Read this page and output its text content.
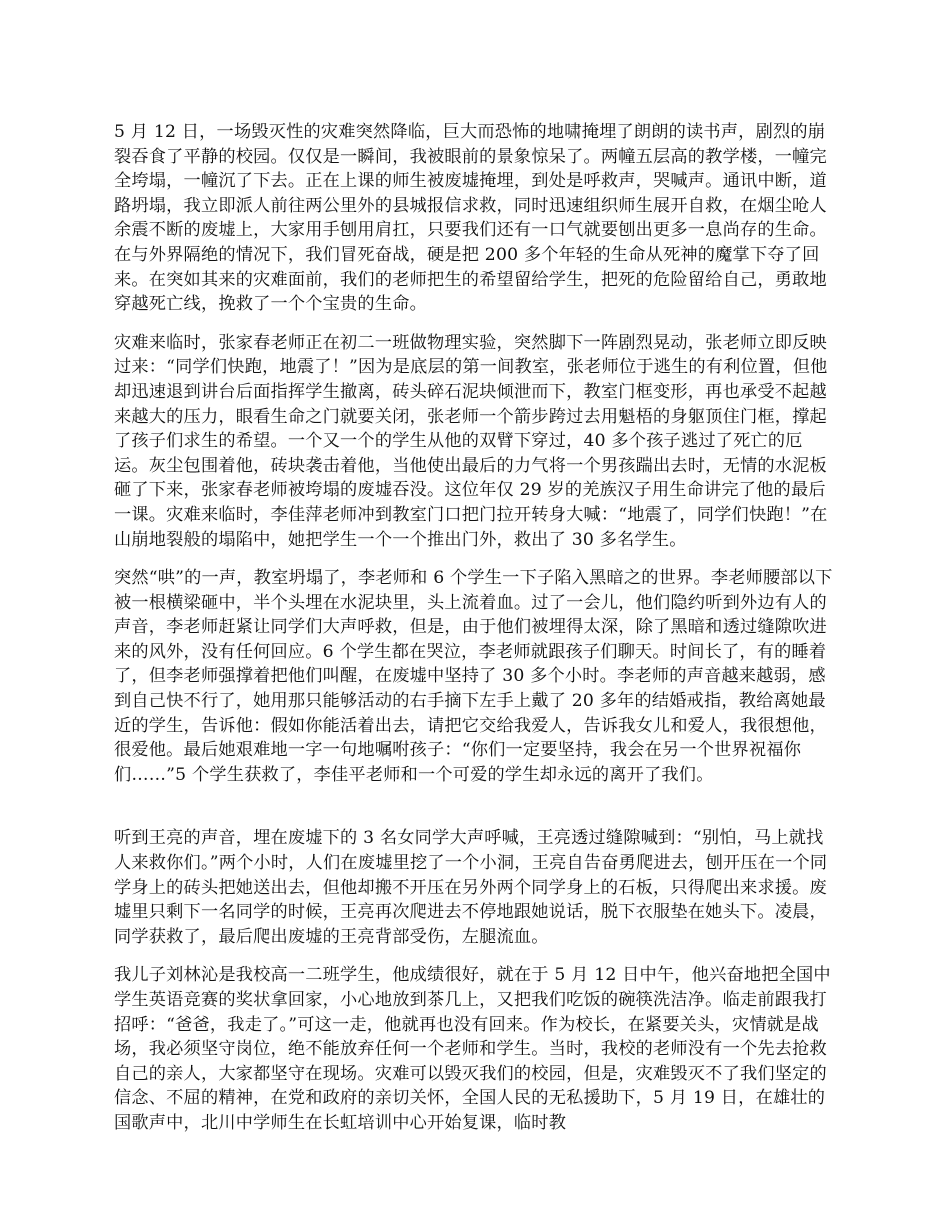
5 月 12 日，一场毁灭性的灾难突然降临，巨大而恐怖的地啸掩埋了朗朗的读书声，剧烈的崩裂吞食了平静的校园。仅仅是一瞬间，我被眼前的景象惊呆了。两幢五层高的教学楼，一幢完全垮塌，一幢沉了下去。正在上课的师生被废墟掩埋，到处是呼救声，哭喊声。通讯中断，道路坍塌，我立即派人前往两公里外的县城报信求救，同时迅速组织师生展开自救，在烟尘呛人余震不断的废墟上，大家用手刨用肩扛，只要我们还有一口气就要刨出更多一息尚存的生命。在与外界隔绝的情况下，我们冒死奋战，硬是把 200 多个年轻的生命从死神的魔掌下夺了回来。在突如其来的灾难面前，我们的老师把生的希望留给学生，把死的危险留给自己，勇敢地穿越死亡线，挽救了一个个宝贵的生命。

灾难来临时，张家春老师正在初二一班做物理实验，突然脚下一阵剧烈晃动，张老师立即反映过来：“同学们快跑，地震了！”因为是底层的第一间教室，张老师位于逃生的有利位置，但他却迅速退到讲台后面指挥学生撤离，砖头碎石泥块倾泄而下，教室门框变形，再也承受不起越来越大的压力，眼看生命之门就要关闭，张老师一个箭步跨过去用魁梧的身躯顶住门框，撑起了孩子们求生的希望。一个又一个的学生从他的双臂下穿过，40 多个孩子逃过了死亡的厄运。灰尘包围着他，砖块袭击着他，当他使出最后的力气将一个男孩踹出去时，无情的水泥板砸了下来，张家春老师被垮塌的废墟吞没。这位年仅 29 岁的羌族汉子用生命讲完了他的最后一课。灾难来临时，李佳萍老师冲到教室门口把门拉开转身大喊：“地震了，同学们快跑！”在山崩地裂般的塌陷中，她把学生一个一个推出门外，救出了 30 多名学生。

突然“哄”的一声，教室坍塌了，李老师和 6 个学生一下子陷入黑暗之的世界。李老师腰部以下被一根横梁砸中，半个头埋在水泥块里，头上流着血。过了一会儿，他们隐约听到外边有人的声音，李老师赶紧让同学们大声呼救，但是，由于他们被埋得太深，除了黑暗和透过缝隙吹进来的风外，没有任何回应。6 个学生都在哭泣，李老师就跟孩子们聊天。时间长了，有的睡着了，但李老师强撑着把他们叫醒，在废墟中坚持了 30 多个小时。李老师的声音越来越弱，感到自己快不行了，她用那只能够活动的右手摘下左手上戴了 20 多年的结婚戒指，教给离她最近的学生，告诉他：假如你能活着出去，请把它交给我爱人，告诉我女儿和爱人，我很想他，很爱他。最后她艰难地一字一句地嘱咐孩子：“你们一定要坚持，我会在另一个世界祝福你们……”5 个学生获救了，李佳平老师和一个可爱的学生却永远的离开了我们。

听到王亮的声音，埋在废墟下的 3 名女同学大声呼喊，王亮透过缝隙喊到：“别怕，马上就找人来救你们。”两个小时，人们在废墟里挖了一个小洞，王亮自告奋勇爬进去，刨开压在一个同学身上的砖头把她送出去，但他却搬不开压在另外两个同学身上的石板，只得爬出来求援。废墟里只剩下一名同学的时候，王亮再次爬进去不停地跟她说话，脱下衣服垫在她头下。凌晨，同学获救了，最后爬出废墟的王亮背部受伤，左腿流血。

我儿子刘林沁是我校高一二班学生，他成绩很好，就在于 5 月 12 日中午，他兴奋地把全国中学生英语竞赛的奖状拿回家，小心地放到茶几上，又把我们吃饭的碗筷洗洁净。临走前跟我打招呼：“爸爸，我走了。”可这一走，他就再也没有回来。作为校长，在紧要关头，灾情就是战场，我必须坚守岗位，绝不能放弃任何一个老师和学生。当时，我校的老师没有一个先去抢救自己的亲人，大家都坚守在现场。灾难可以毁灭我们的校园，但是，灾难毁灭不了我们坚定的信念、不屈的精神，在党和政府的亲切关怀，全国人民的无私援助下，5 月 19 日，在雄壮的国歌声中，北川中学师生在长虹培训中心开始复课，临时教
